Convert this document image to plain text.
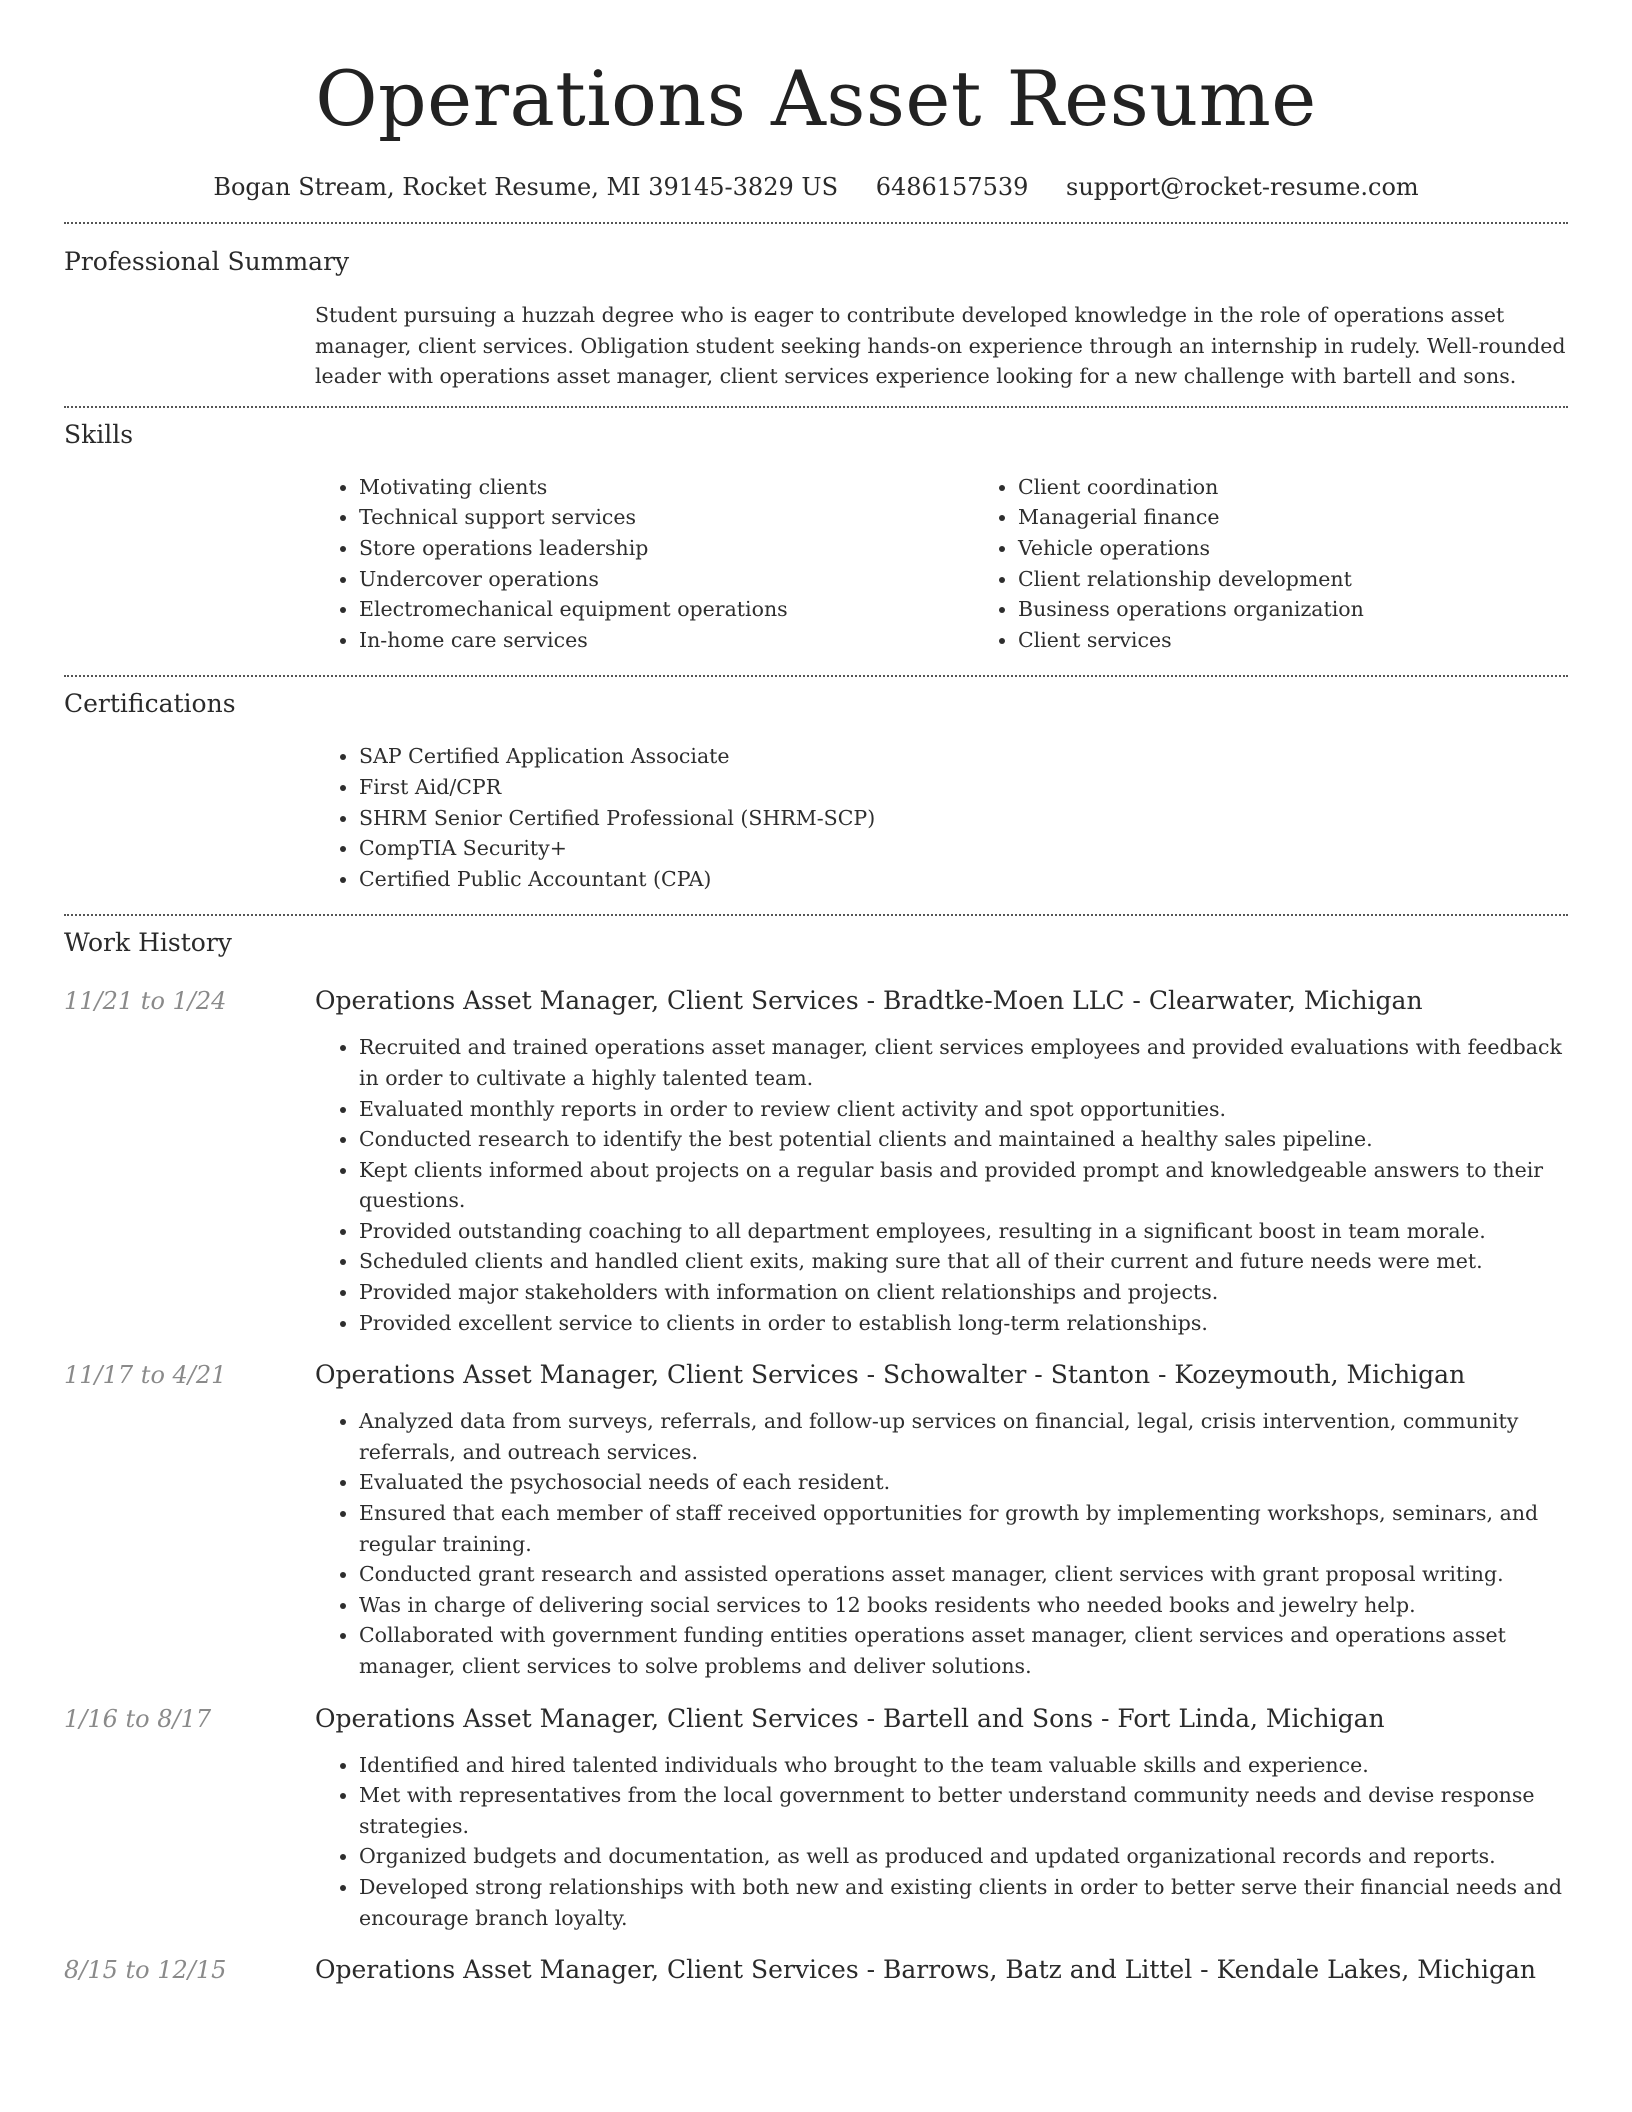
Operations Asset Resume
Bogan Stream, Rocket Resume, MI 39145-3829 US 6486157539 support@rocket-resume.com
Professional Summary
Student pursuing a huzzah degree who is eager to contribute developed knowledge in the role of operations asset manager, client services. Obligation student seeking hands-on experience through an internship in rudely. Well-rounded leader with operations asset manager, client services experience looking for a new challenge with bartell and sons.
Skills
• Motivating clients
• Technical support services
• Store operations leadership
• Undercover operations
• Electromechanical equipment operations
• In-home care services
• Client coordination
• Managerial finance
• Vehicle operations
• Client relationship development
• Business operations organization
• Client services
Certifications
• SAP Certified Application Associate
• First Aid/CPR
• SHRM Senior Certified Professional (SHRM-SCP)
• CompTIA Security+
• Certified Public Accountant (CPA)
Work History
11/21 to 1/24	Operations Asset Manager, Client Services - Bradtke-Moen LLC - Clearwater, Michigan
• Recruited and trained operations asset manager, client services employees and provided evaluations with feedback in order to cultivate a highly talented team.
• Evaluated monthly reports in order to review client activity and spot opportunities.
• Conducted research to identify the best potential clients and maintained a healthy sales pipeline.
• Kept clients informed about projects on a regular basis and provided prompt and knowledgeable answers to their questions.
• Provided outstanding coaching to all department employees, resulting in a significant boost in team morale.
• Scheduled clients and handled client exits, making sure that all of their current and future needs were met.
• Provided major stakeholders with information on client relationships and projects.
• Provided excellent service to clients in order to establish long-term relationships.
11/17 to 4/21	Operations Asset Manager, Client Services - Schowalter - Stanton - Kozeymouth, Michigan
• Analyzed data from surveys, referrals, and follow-up services on financial, legal, crisis intervention, community referrals, and outreach services.
• Evaluated the psychosocial needs of each resident.
• Ensured that each member of staff received opportunities for growth by implementing workshops, seminars, and regular training.
• Conducted grant research and assisted operations asset manager, client services with grant proposal writing.
• Was in charge of delivering social services to 12 books residents who needed books and jewelry help.
• Collaborated with government funding entities operations asset manager, client services and operations asset manager, client services to solve problems and deliver solutions.
1/16 to 8/17	Operations Asset Manager, Client Services - Bartell and Sons - Fort Linda, Michigan
• Identified and hired talented individuals who brought to the team valuable skills and experience.
• Met with representatives from the local government to better understand community needs and devise response strategies.
• Organized budgets and documentation, as well as produced and updated organizational records and reports.
• Developed strong relationships with both new and existing clients in order to better serve their financial needs and encourage branch loyalty.
8/15 to 12/15	Operations Asset Manager, Client Services - Barrows, Batz and Littel - Kendale Lakes, Michigan
